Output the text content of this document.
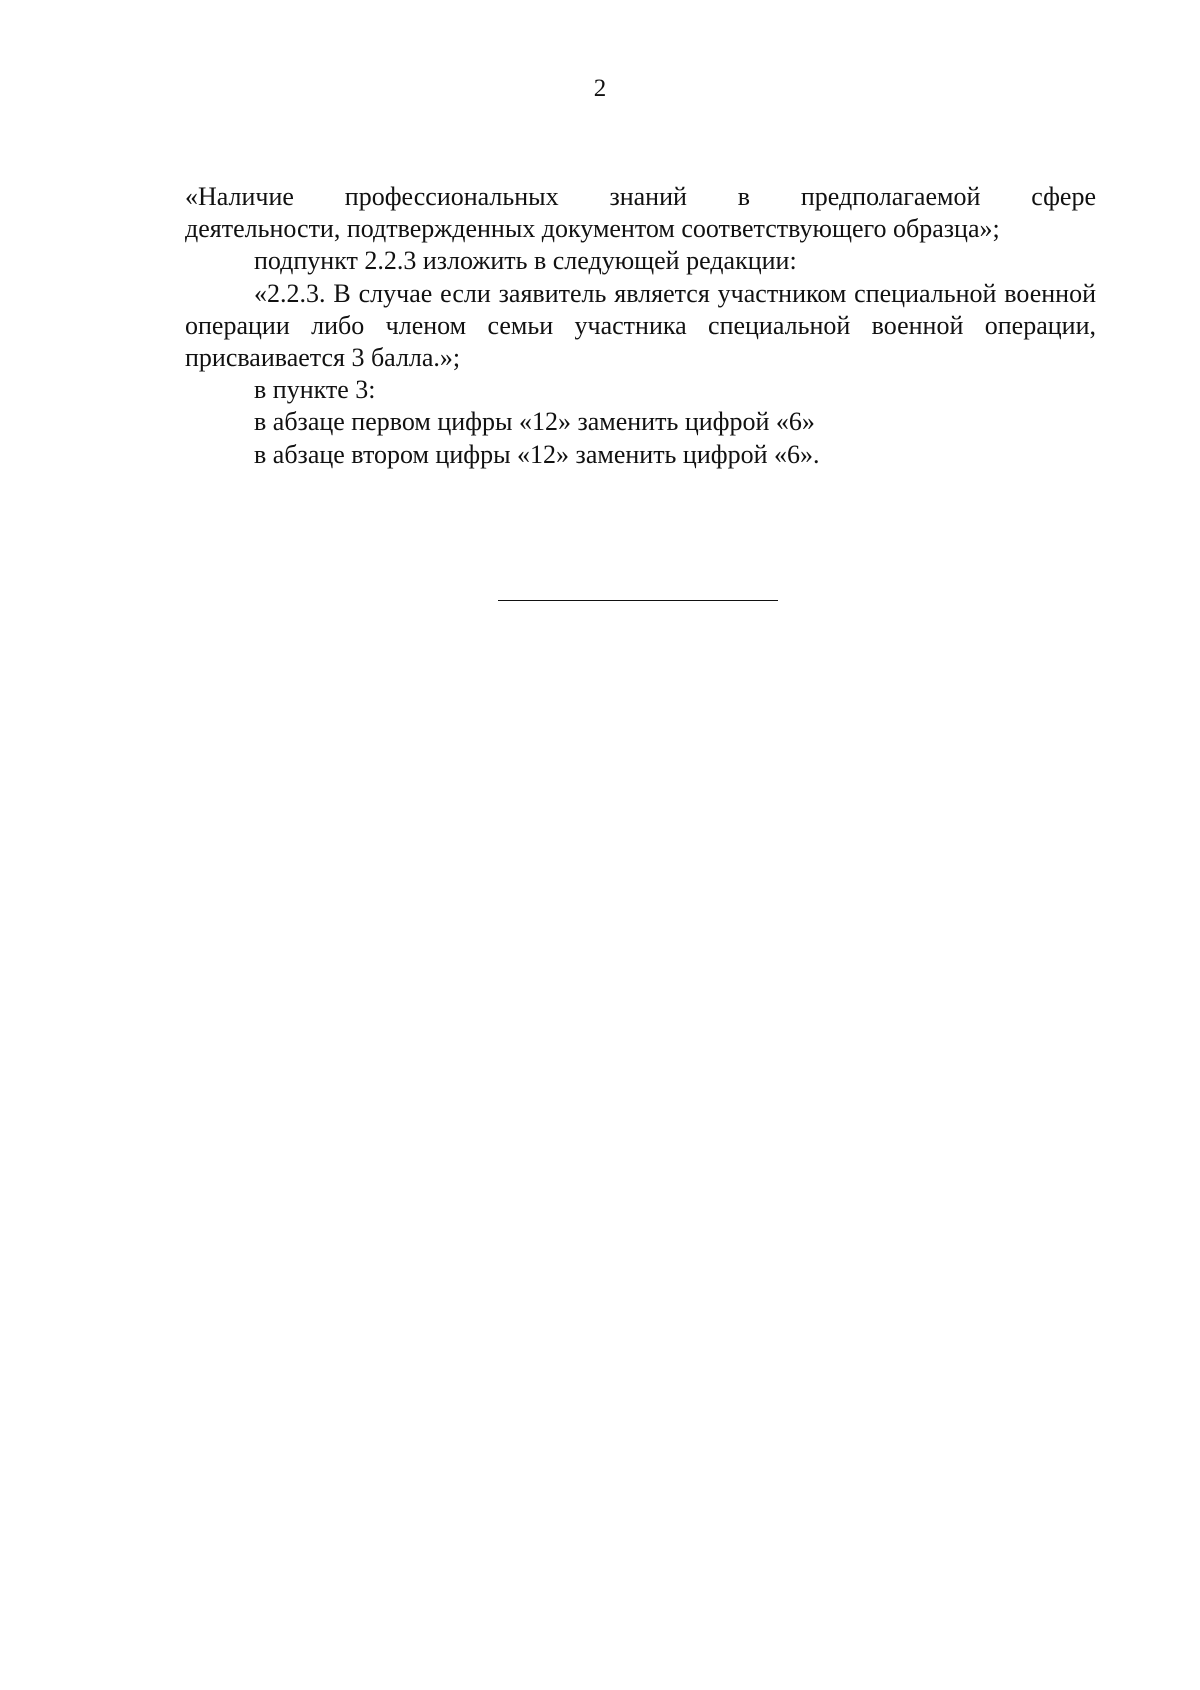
2

«Наличие профессиональных знаний в предполагаемой сфере

деятельности, подтвержденных документом соответствующего образца»;

подпункт 2.2.3 изложить в следующей редакции:

«2.2.3. В случае если заявитель является участником специальной военной операции либо членом семьи участника специальной военной операции, присваивается 3 балла.»;

в пункте 3:

в абзаце первом цифры «12» заменить цифрой «6»

в абзаце втором цифры «12» заменить цифрой «6».
